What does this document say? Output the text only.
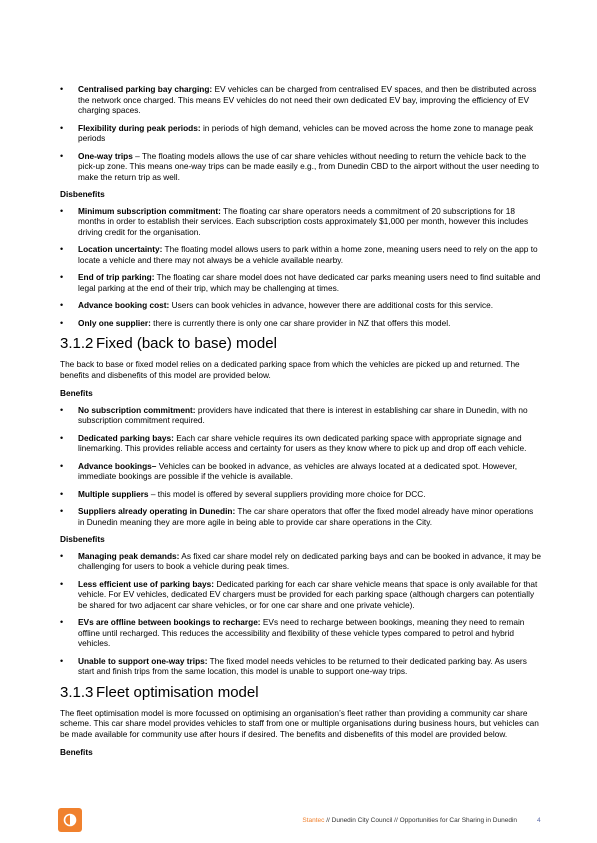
• Centralised parking bay charging: EV vehicles can be charged from centralised EV spaces, and then be distributed across the network once charged. This means EV vehicles do not need their own dedicated EV bay, improving the efficiency of EV charging spaces.
• Flexibility during peak periods: in periods of high demand, vehicles can be moved across the home zone to manage peak periods
• One-way trips – The floating models allows the use of car share vehicles without needing to return the vehicle back to the pick-up zone. This means one-way trips can be made easily e.g., from Dunedin CBD to the airport without the user needing to make the return trip as well.
Disbenefits
• Minimum subscription commitment: The floating car share operators needs a commitment of 20 subscriptions for 18 months in order to establish their services. Each subscription costs approximately $1,000 per month, however this includes driving credit for the organisation.
• Location uncertainty: The floating model allows users to park within a home zone, meaning users need to rely on the app to locate a vehicle and there may not always be a vehicle available nearby.
• End of trip parking: The floating car share model does not have dedicated car parks meaning users need to find suitable and legal parking at the end of their trip, which may be challenging at times.
• Advance booking cost: Users can book vehicles in advance, however there are additional costs for this service.
• Only one supplier: there is currently there is only one car share provider in NZ that offers this model.
3.1.2 Fixed (back to base) model

The back to base or fixed model relies on a dedicated parking space from which the vehicles are picked up and returned. The benefits and disbenefits of this model are provided below.

Benefits
• No subscription commitment: providers have indicated that there is interest in establishing car share in Dunedin, with no subscription commitment required.
• Dedicated parking bays: Each car share vehicle requires its own dedicated parking space with appropriate signage and linemarking. This provides reliable access and certainty for users as they know where to pick up and drop off each vehicle.
• Advance bookings– Vehicles can be booked in advance, as vehicles are always located at a dedicated spot. However, immediate bookings are possible if the vehicle is available.
• Multiple suppliers – this model is offered by several suppliers providing more choice for DCC.
• Suppliers already operating in Dunedin: The car share operators that offer the fixed model already have minor operations in Dunedin meaning they are more agile in being able to provide car share operations in the City.
Disbenefits
• Managing peak demands: As fixed car share model rely on dedicated parking bays and can be booked in advance, it may be challenging for users to book a vehicle during peak times.
• Less efficient use of parking bays: Dedicated parking for each car share vehicle means that space is only available for that vehicle. For EV vehicles, dedicated EV chargers must be provided for each parking space (although chargers can potentially be shared for two adjacent car share vehicles, or for one car share and one private vehicle).
• EVs are offline between bookings to recharge: EVs need to recharge between bookings, meaning they need to remain offline until recharged. This reduces the accessibility and flexibility of these vehicle types compared to petrol and hybrid vehicles.
• Unable to support one-way trips: The fixed model needs vehicles to be returned to their dedicated parking bay. As users start and finish trips from the same location, this model is unable to support one-way trips.
3.1.3 Fleet optimisation model

The fleet optimisation model is more focussed on optimising an organisation’s fleet rather than providing a community car share scheme. This car share model provides vehicles to staff from one or multiple organisations during business hours, but vehicles can be made available for community use after hours if desired. The benefits and disbenefits of this model are provided below.

Benefits
Stantec // Dunedin City Council // Opportunities for Car Sharing in Dunedin	4
